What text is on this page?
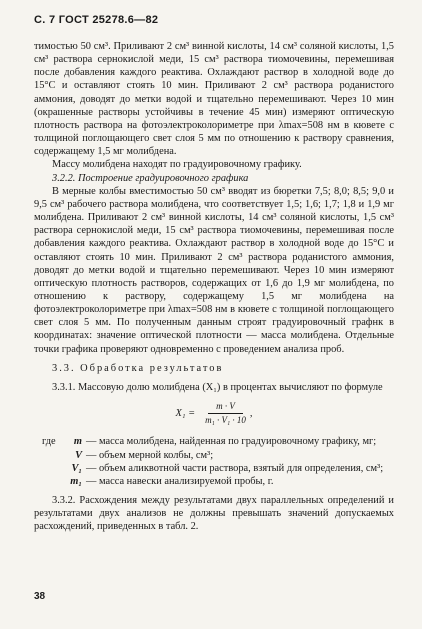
С. 7 ГОСТ 25278.6—82
тимостью 50 см³. Приливают 2 см³ винной кислоты, 14 см³ соляной кислоты, 1,5 см³ раствора сернокислой меди, 15 см³ раствора тиомочевины, перемешивая после добавления каждого реактива. Охлаждают раствор в холодной воде до 15°С и оставляют стоять 10 мин. Приливают 2 см³ раствора роданистого аммония, доводят до метки водой и тщательно перемешивают. Через 10 мин (окрашенные растворы устойчивы в течение 45 мин) измеряют оптическую плотность раствора на фотоэлектроколориметре при λmax=508 нм в кювете с толщиной поглощающего свет слоя 5 мм по отношению к раствору сравнения, содержащему 1,5 мг молибдена.

Массу молибдена находят по градуировочному графику.

3.2.2. Построение градуировочного графика

В мерные колбы вместимостью 50 см³ вводят из бюретки 7,5; 8,0; 8,5; 9,0 и 9,5 см³ рабочего раствора молибдена, что соответствует 1,5; 1,6; 1,7; 1,8 и 1,9 мг молибдена. Приливают 2 см³ винной кислоты, 14 см³ соляной кислоты, 1,5 см³ раствора сернокислой меди, 15 см³ раствора тиомочевины, перемешивая после добавления каждого реактива. Охлаждают раствор в холодной воде до 15°С и оставляют стоять 10 мин. Приливают 2 см³ раствора роданистого аммония, доводят до метки водой и тщательно перемешивают. Через 10 мин измеряют оптическую плотность растворов, содержащих от 1,6 до 1,9 мг молибдена, по отношению к раствору, содержащему 1,5 мг молибдена на фотоэлектроколориметре при λmax=508 нм в кювете с толщиной поглощающего свет слоя 5 мм. По полученным данным строят градуировочный графнк в координатах: значение оптической плотности — масса молибдена. Отдельные точки графика проверяют одновременно с проведением анализа проб.

3.3. Обработка результатов

3.3.1. Массовую долю молибдена (X₁) в процентах вычисляют по формуле

$X_1 = \frac{m \cdot V}{\text{m₁ · V₁ · 10}}$ ,
где	m — масса молибдена, найденная по градуировочному графику, мг;
V — объем мерной колбы, см³;
V₁ — объем аликвотной части раствора, взятый для определения, см³;
m₁ — масса навески анализируемой пробы, г.

3.3.2. Расхождения между результатами двух параллельных определений и результатами двух анализов не должны превышать значений допускаемых расхождений, приведенных в табл. 2.

38
